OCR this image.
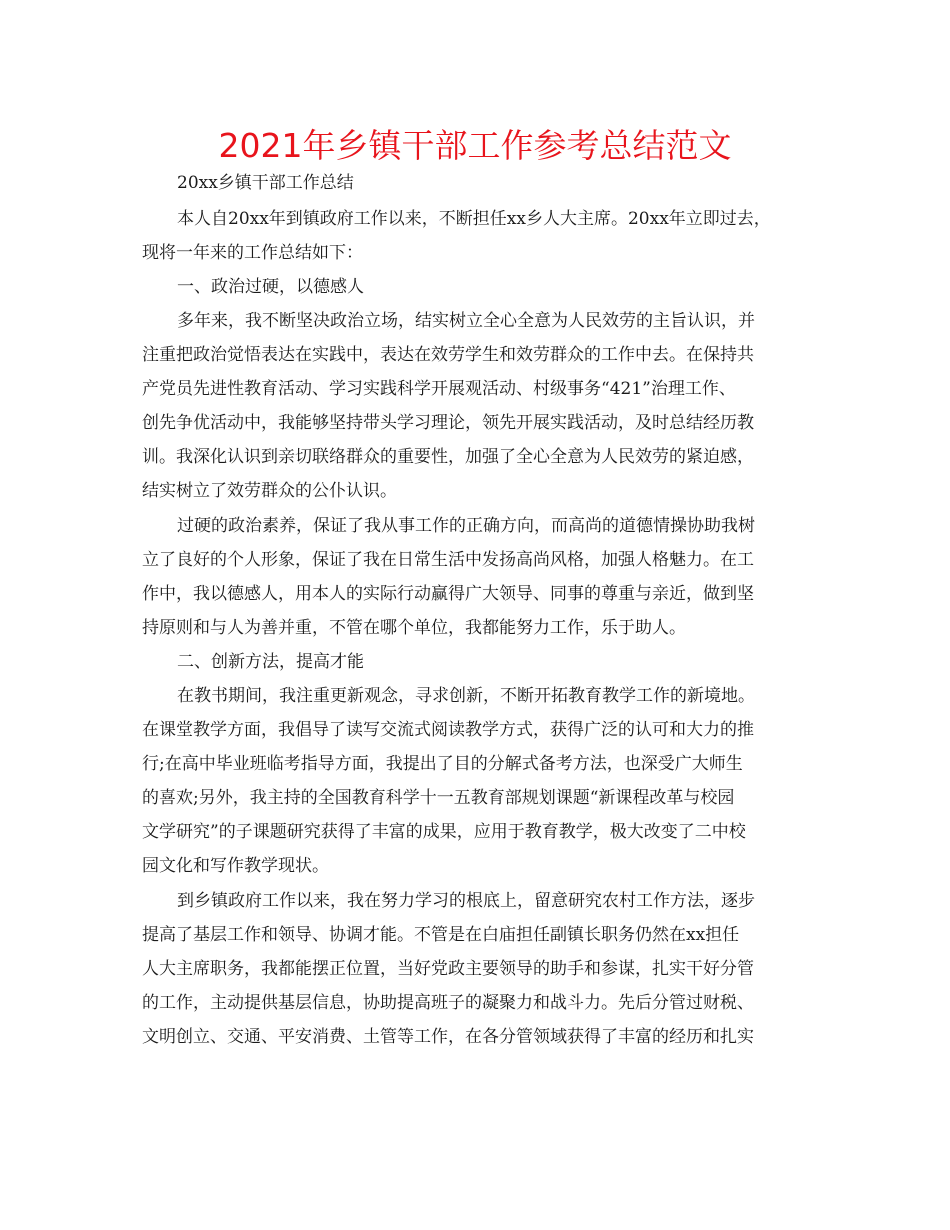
2021年乡镇干部工作参考总结范文

20xx乡镇干部工作总结

本人自20xx年到镇政府工作以来，不断担任xx乡人大主席。20xx年立即过去，

现将一年来的工作总结如下：

一、政治过硬，以德感人

多年来，我不断坚决政治立场，结实树立全心全意为人民效劳的主旨认识，并

注重把政治觉悟表达在实践中，表达在效劳学生和效劳群众的工作中去。在保持共

产党员先进性教育活动、学习实践科学开展观活动、村级事务“421”治理工作、

创先争优活动中，我能够坚持带头学习理论，领先开展实践活动，及时总结经历教

训。我深化认识到亲切联络群众的重要性，加强了全心全意为人民效劳的紧迫感，

结实树立了效劳群众的公仆认识。

过硬的政治素养，保证了我从事工作的正确方向，而高尚的道德情操协助我树

立了良好的个人形象，保证了我在日常生活中发扬高尚风格，加强人格魅力。在工

作中，我以德感人，用本人的实际行动赢得广大领导、同事的尊重与亲近，做到坚

持原则和与人为善并重，不管在哪个单位，我都能努力工作，乐于助人。

二、创新方法，提高才能

在教书期间，我注重更新观念，寻求创新，不断开拓教育教学工作的新境地。

在课堂教学方面，我倡导了读写交流式阅读教学方式，获得广泛的认可和大力的推

行;在高中毕业班临考指导方面，我提出了目的分解式备考方法，也深受广大师生

的喜欢;另外，我主持的全国教育科学十一五教育部规划课题“新课程改革与校园

文学研究”的子课题研究获得了丰富的成果，应用于教育教学，极大改变了二中校

园文化和写作教学现状。

到乡镇政府工作以来，我在努力学习的根底上，留意研究农村工作方法，逐步

提高了基层工作和领导、协调才能。不管是在白庙担任副镇长职务仍然在xx担任

人大主席职务，我都能摆正位置，当好党政主要领导的助手和参谋，扎实干好分管

的工作，主动提供基层信息，协助提高班子的凝聚力和战斗力。先后分管过财税、

文明创立、交通、平安消费、土管等工作，在各分管领域获得了丰富的经历和扎实
